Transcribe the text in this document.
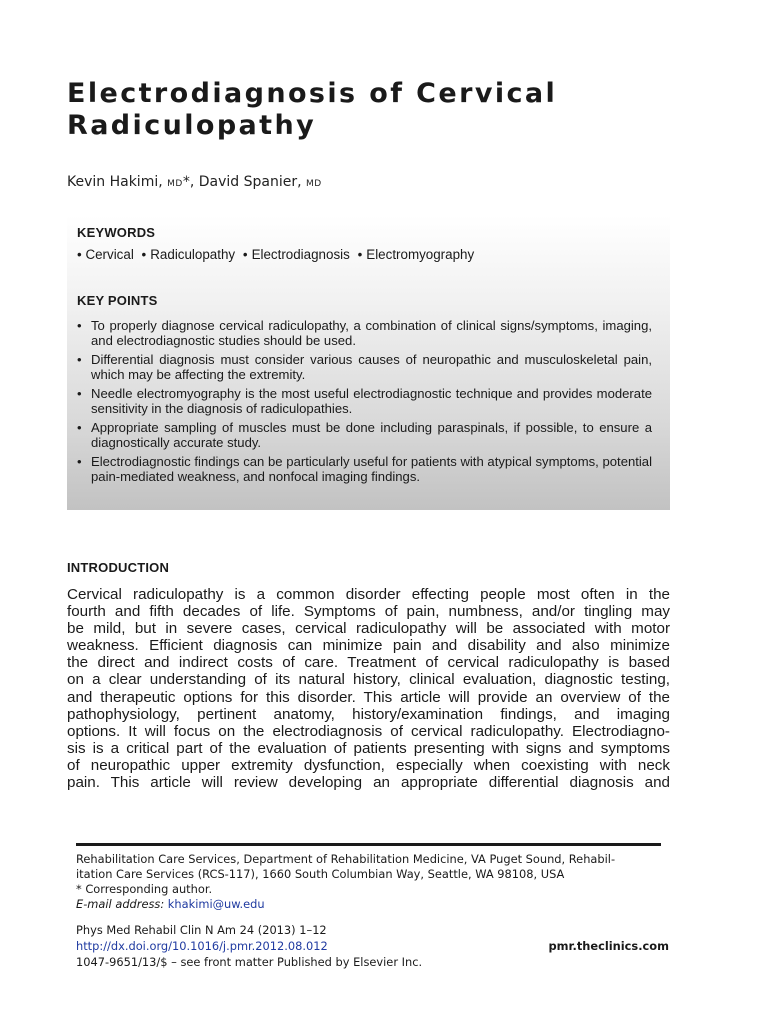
Electrodiagnosis of Cervical
Radiculopathy
Kevin Hakimi, MD*, David Spanier, MD
KEYWORDS
• Cervical • Radiculopathy • Electrodiagnosis • Electromyography
KEY POINTS
• To properly diagnose cervical radiculopathy, a combination of clinical signs/symptoms, imaging, and electrodiagnostic studies should be used.
• Differential diagnosis must consider various causes of neuropathic and musculoskeletal pain, which may be affecting the extremity.
• Needle electromyography is the most useful electrodiagnostic technique and provides moderate sensitivity in the diagnosis of radiculopathies.
• Appropriate sampling of muscles must be done including paraspinals, if possible, to ensure a diagnostically accurate study.
• Electrodiagnostic findings can be particularly useful for patients with atypical symptoms, potential pain-mediated weakness, and nonfocal imaging findings.
INTRODUCTION
Cervical radiculopathy is a common disorder effecting people most often in the
fourth and fifth decades of life. Symptoms of pain, numbness, and/or tingling may
be mild, but in severe cases, cervical radiculopathy will be associated with motor
weakness. Efficient diagnosis can minimize pain and disability and also minimize
the direct and indirect costs of care. Treatment of cervical radiculopathy is based
on a clear understanding of its natural history, clinical evaluation, diagnostic testing,
and therapeutic options for this disorder. This article will provide an overview of the
pathophysiology, pertinent anatomy, history/examination findings, and imaging
options. It will focus on the electrodiagnosis of cervical radiculopathy. Electrodiagno-
sis is a critical part of the evaluation of patients presenting with signs and symptoms
of neuropathic upper extremity dysfunction, especially when coexisting with neck
pain. This article will review developing an appropriate differential diagnosis and
Rehabilitation Care Services, Department of Rehabilitation Medicine, VA Puget Sound, Rehabil-
itation Care Services (RCS-117), 1660 South Columbian Way, Seattle, WA 98108, USA
* Corresponding author.
E-mail address: khakimi@uw.edu
Phys Med Rehabil Clin N Am 24 (2013) 1–12
http://dx.doi.org/10.1016/j.pmr.2012.08.012
1047-9651/13/$ – see front matter Published by Elsevier Inc.
pmr.theclinics.com
